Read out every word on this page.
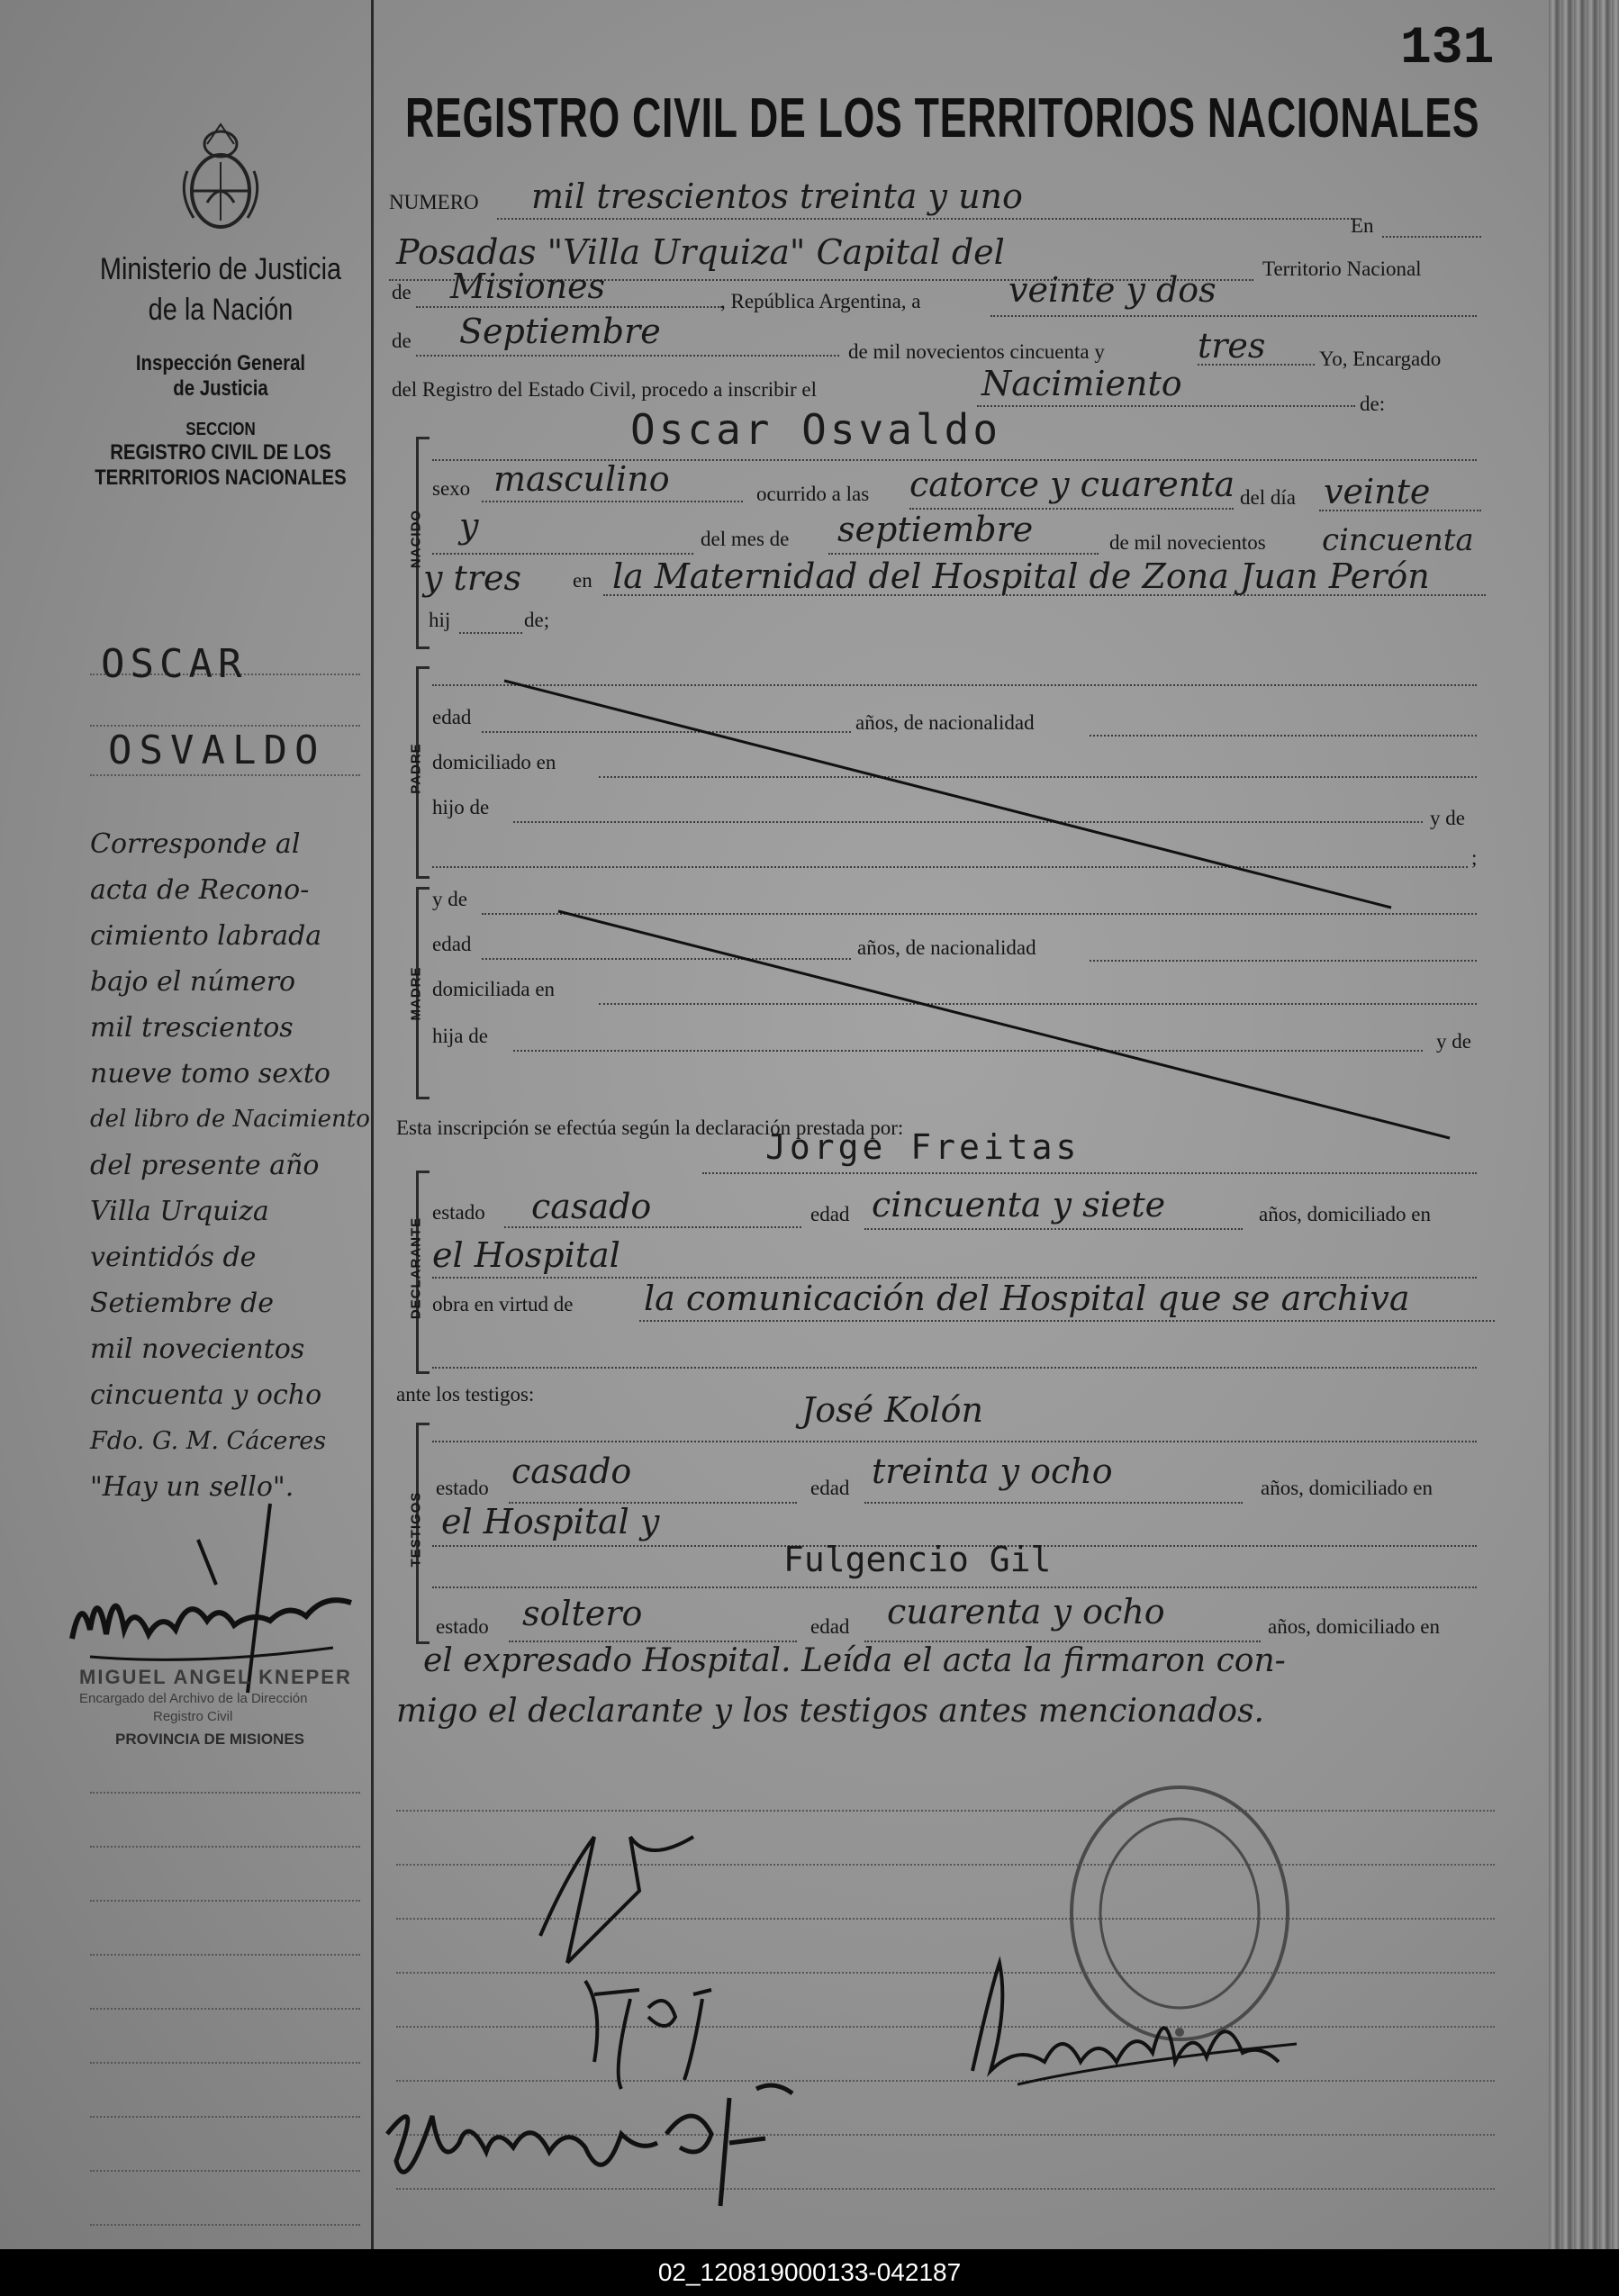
131
Ministerio de Justicia
de la Nación
Inspección General
de Justicia
SECCION
REGISTRO CIVIL DE LOS
TERRITORIOS NACIONALES
OSCAR
OSVALDO
Corresponde al
acta de Recono-
cimiento labrada
bajo el número
mil trescientos
nueve tomo sexto
del libro de Nacimiento
del presente año
Villa Urquiza
veintidós de
Setiembre de
mil novecientos
cincuenta y ocho
Fdo. G. M. Cáceres
"Hay un sello".
MIGUEL ANGEL KNEPER
Encargado del Archivo de la Dirección
Registro Civil
PROVINCIA DE MISIONES
REGISTRO CIVIL DE LOS TERRITORIOS NACIONALES
NUMERO mil trescientos treinta y uno
En
Posadas "Villa Urquiza" Capital del	Territorio Nacional
de Misiones	, República Argentina, a	veinte y dos
de Septiembre
de mil novecientos cincuenta y	tres	Yo, Encargado
del Registro del Estado Civil, procedo a inscribir el	Nacimiento
de:
Oscar Osvaldo
NACIDO
sexo masculino	ocurrido a las catorce y cuarenta del día veinte
y	del mes de septiembre	de mil novecientos cincuenta
y tres en la Maternidad del Hospital de Zona Juan Perón
hij	de;
PADRE
edad	años, de nacionalidad
domiciliado en
hijo de	y de
;
MADRE
y de
edad	años, de nacionalidad
domiciliada en
hija de	y de
Esta inscripción se efectúa según la declaración prestada por:
DECLARANTE
Jorge Freitas
estado casado	edad cincuenta y siete	años, domiciliado en
el Hospital
obra en virtud de la comunicación del Hospital que se archiva
ante los testigos:
TESTIGOS
José Kolón
estado casado	edad treinta y ocho	años, domiciliado en
el Hospital y
Fulgencio Gil
estado soltero	edad cuarenta y ocho	años, domiciliado en
el expresado Hospital. Leída el acta la firmaron con-
migo el declarante y los testigos antes mencionados.
02_120819000133-042187
